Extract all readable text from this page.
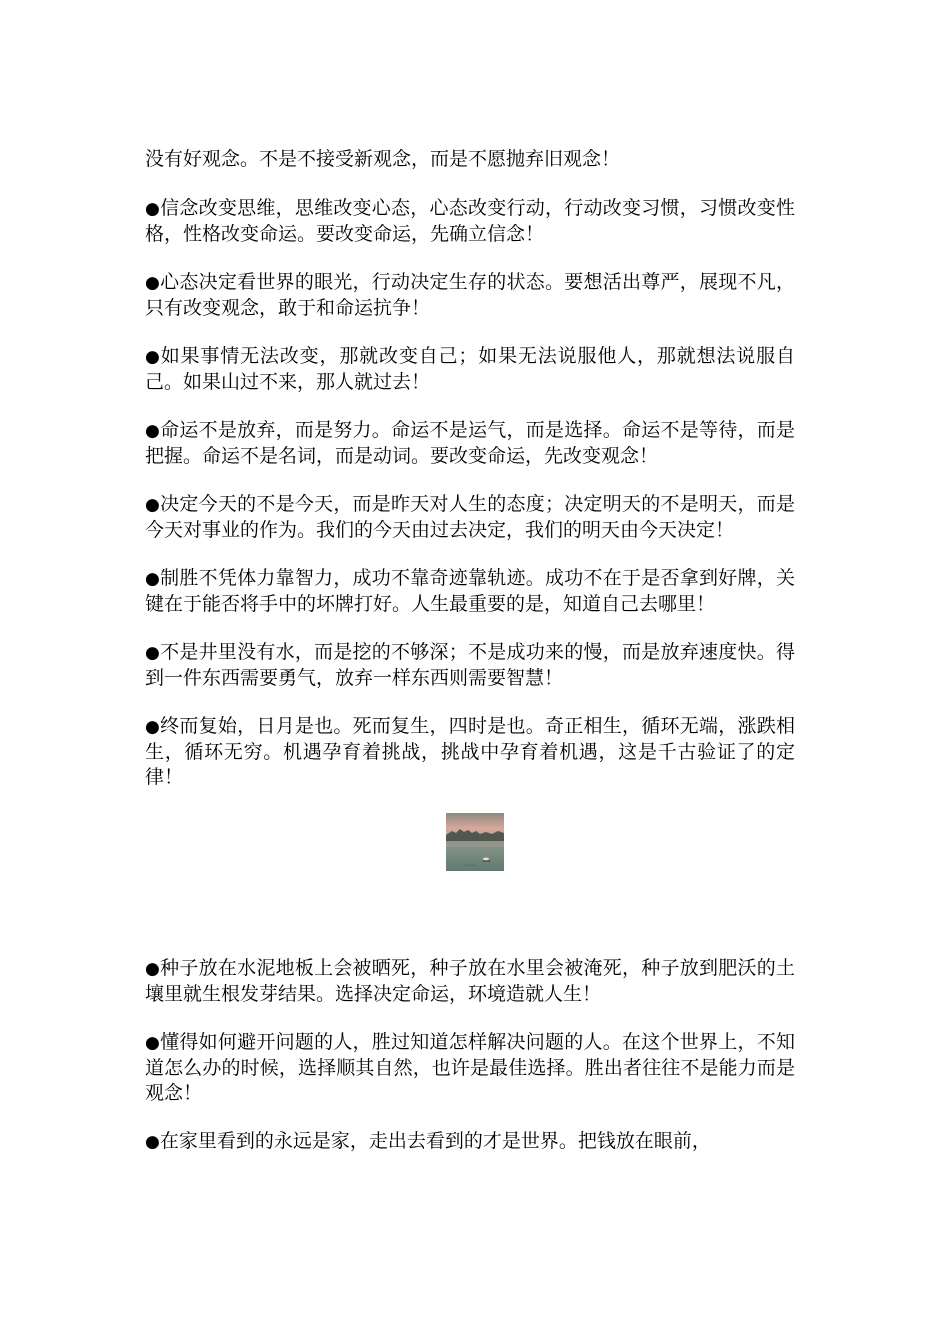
没有好观念。不是不接受新观念，而是不愿抛弃旧观念！

●信念改变思维，思维改变心态，心态改变行动，行动改变习惯，习惯改变性格，性格改变命运。要改变命运，先确立信念！

●心态决定看世界的眼光，行动决定生存的状态。要想活出尊严，展现不凡，只有改变观念，敢于和命运抗争！

●如果事情无法改变，那就改变自己；如果无法说服他人，那就想法说服自己。如果山过不来，那人就过去！

●命运不是放弃，而是努力。命运不是运气，而是选择。命运不是等待，而是把握。命运不是名词，而是动词。要改变命运，先改变观念！

●决定今天的不是今天，而是昨天对人生的态度；决定明天的不是明天，而是今天对事业的作为。我们的今天由过去决定，我们的明天由今天决定！

●制胜不凭体力靠智力，成功不靠奇迹靠轨迹。成功不在于是否拿到好牌，关键在于能否将手中的坏牌打好。人生最重要的是，知道自己去哪里！

●不是井里没有水，而是挖的不够深；不是成功来的慢，而是放弃速度快。得到一件东西需要勇气，放弃一样东西则需要智慧！

●终而复始，日月是也。死而复生，四时是也。奇正相生，循环无端，涨跌相生，循环无穷。机遇孕育着挑战，挑战中孕育着机遇，这是千古验证了的定律！

●种子放在水泥地板上会被晒死，种子放在水里会被淹死，种子放到肥沃的土壤里就生根发芽结果。选择决定命运，环境造就人生！

●懂得如何避开问题的人，胜过知道怎样解决问题的人。在这个世界上，不知道怎么办的时候，选择顺其自然，也许是最佳选择。胜出者往往不是能力而是观念！

●在家里看到的永远是家，走出去看到的才是世界。把钱放在眼前，
